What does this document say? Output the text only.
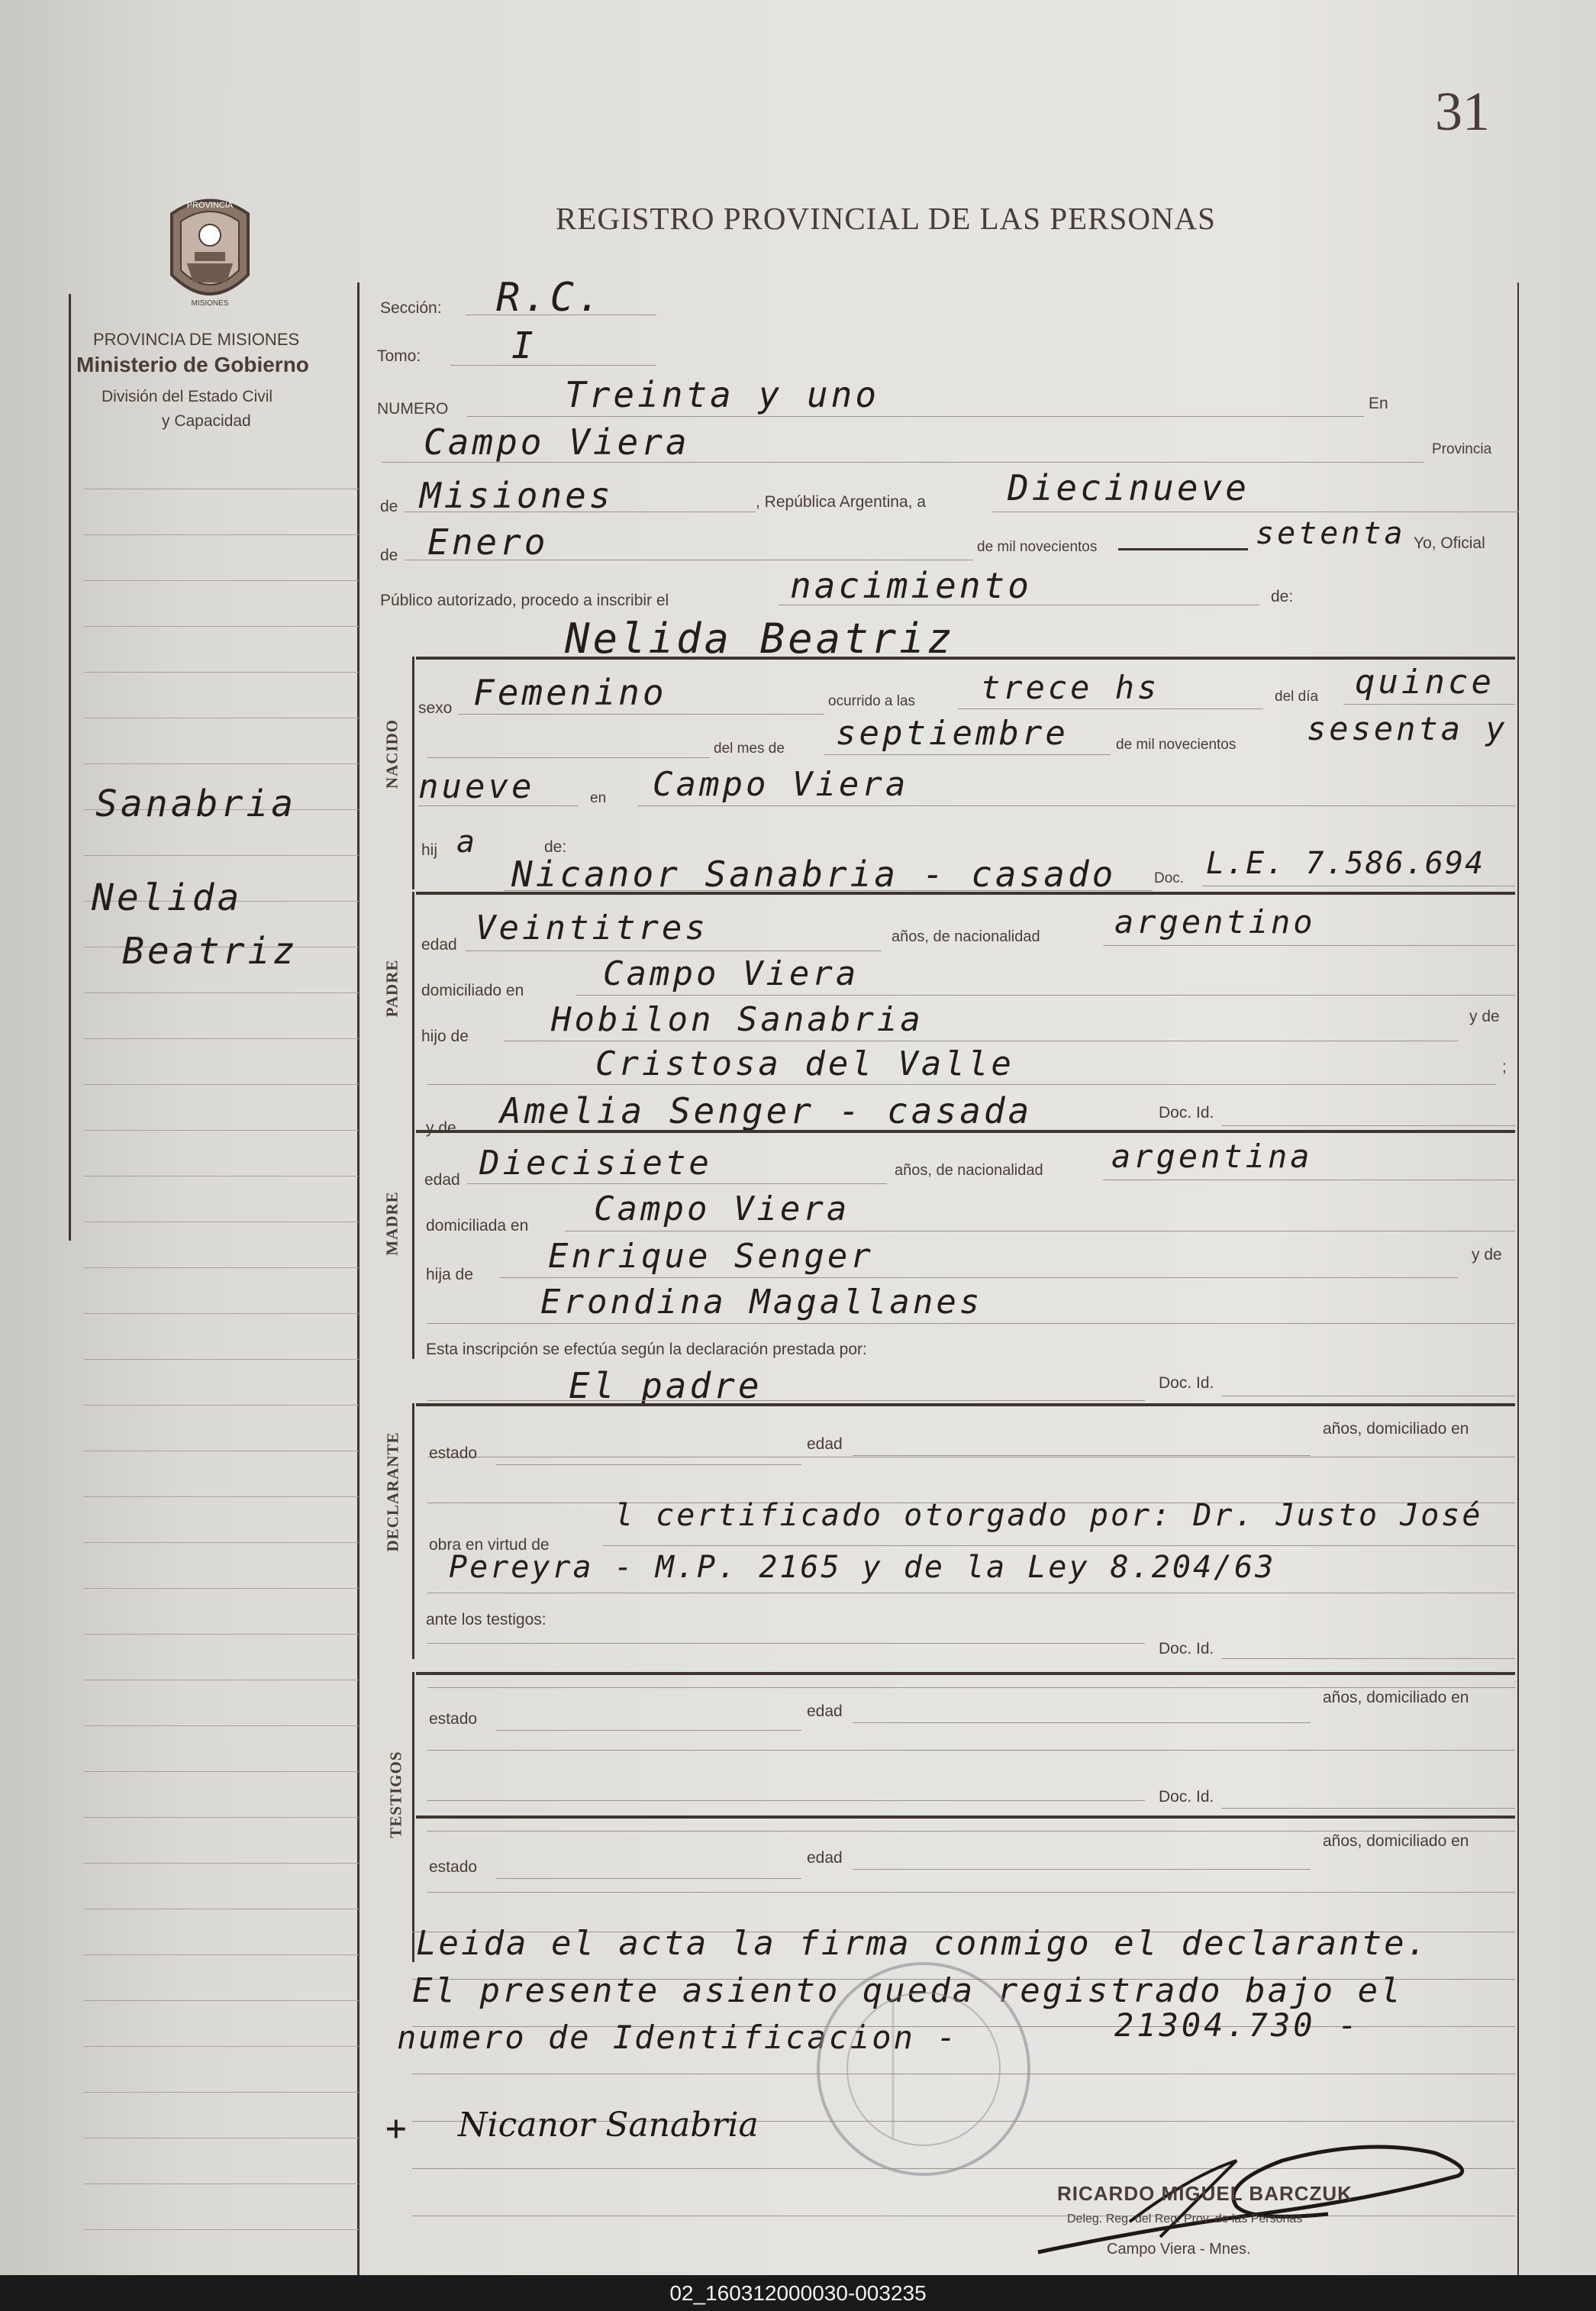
31
REGISTRO PROVINCIAL DE LAS PERSONAS
PROVINCIA
MISIONES
PROVINCIA DE MISIONES
Ministerio de Gobierno
División del Estado Civil
y Capacidad
Sanabria
Nelida
Beatriz
Sección: R.C.
Tomo: I
NUMERO	Treinta y uno	En
Campo Viera	Provincia
de Misiones	, República Argentina, a Diecinueve
de Enero	de mil novecientos	setenta Yo, Oficial
Público autorizado, procedo a inscribir el	nacimiento	de:
Nelida Beatriz
NACIDO
sexo Femenino	ocurrido a las trece hs	del día quince
del mes de septiembre	de mil novecientos sesenta y
nueve	en Campo Viera
hij a	de:
Nicanor Sanabria - casado	Doc. L.E. 7.586.694
PADRE
edad Veintitres	años, de nacionalidad argentino
domiciliado en Campo Viera
hijo de Hobilon Sanabria	y de
Cristosa del Valle	;
y de Amelia Senger - casada	Doc. Id.
MADRE
edad Diecisiete	años, de nacionalidad argentina
domiciliada en Campo Viera
hija de Enrique Senger	y de
Erondina Magallanes
Esta inscripción se efectúa según la declaración prestada por:
El padre	Doc. Id.
DECLARANTE estado
edad
años, domiciliado en
obra en virtud de
l certificado otorgado por: Dr. Justo José
Pereyra - M.P. 2165 y de la Ley 8.204/63
ante los testigos:
Doc. Id.
TESTIGOS
estado	edad
años, domiciliado en
Doc. Id.
estado
edad
años, domiciliado en
Leida el acta la firma conmigo el declarante.
El presente asiento queda registrado bajo el
numero de Identificacion -	21304.730 -
+ Nicanor Sanabria
RICARDO MIGUEL BARCZUK
Deleg. Reg. del Reg. Prov. de las Personas
Campo Viera - Mnes.
02_160312000030-003235
